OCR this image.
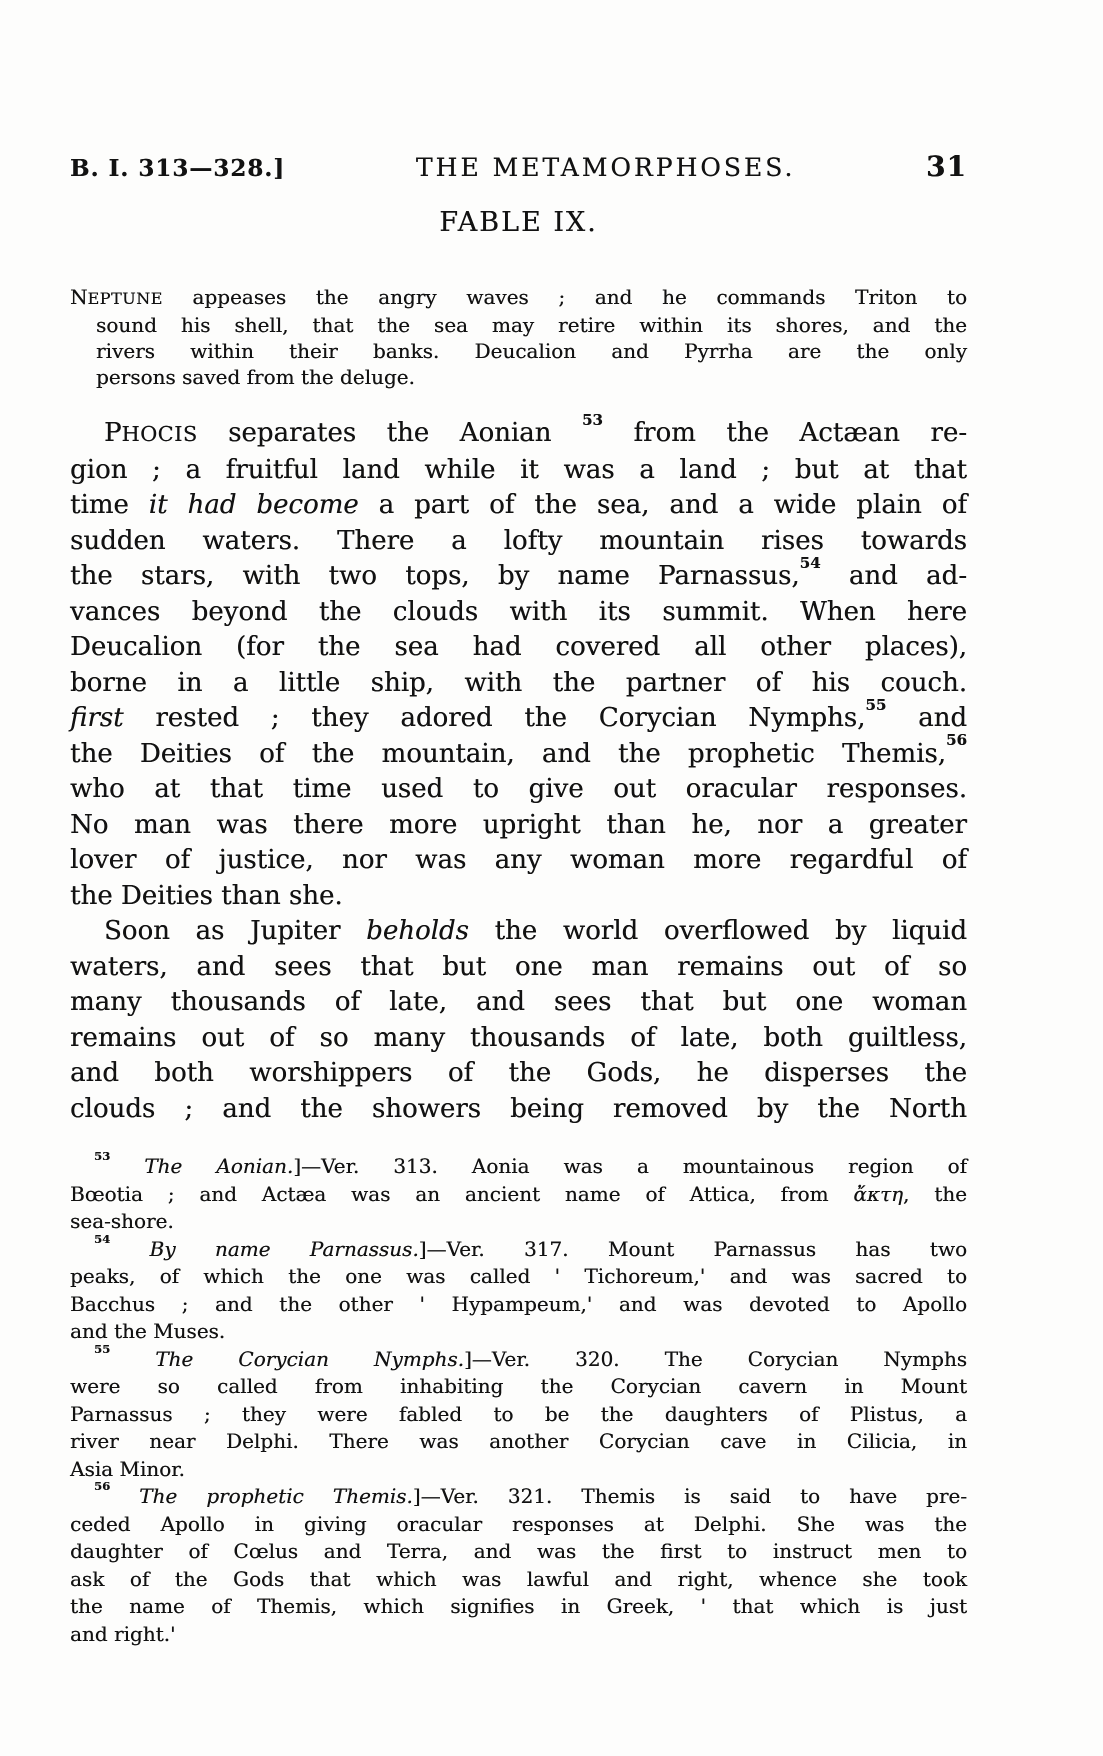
B. I. 313—328.]	THE METAMORPHOSES.	31
FABLE IX.
NEPTUNE appeases the angry waves ; and he commands Triton to
sound his shell, that the sea may retire within its shores, and the
rivers within their banks. Deucalion and Pyrrha are the only
persons saved from the deluge.
PHOCIS separates the Aonian $^{53}$ from the Actæan re-
gion ; a fruitful land while it was a land ; but at that
time it had become a part of the sea, and a wide plain of
sudden waters. There a lofty mountain rises towards
the stars, with two tops, by name Parnassus,$^{54}$ and ad-
vances beyond the clouds with its summit. When here
Deucalion (for the sea had covered all other places),
borne in a little ship, with the partner of his couch.
first rested ; they adored the Corycian Nymphs,$^{55}$ and
the Deities of the mountain, and the prophetic Themis,$^{56}$
who at that time used to give out oracular responses.
No man was there more upright than he, nor a greater
lover of justice, nor was any woman more regardful of
the Deities than she.
Soon as Jupiter beholds the world overflowed by liquid
waters, and sees that but one man remains out of so
many thousands of late, and sees that but one woman
remains out of so many thousands of late, both guiltless,
and both worshippers of the Gods, he disperses the
clouds ; and the showers being removed by the North
$^{53}$ The Aonian.]—Ver. 313. Aonia was a mountainous region of
Bœotia ; and Actæa was an ancient name of Attica, from ἄκτη, the
sea-shore.
$^{54}$ By name Parnassus.]—Ver. 317. Mount Parnassus has two
peaks, of which the one was called ' Tichoreum,' and was sacred to
Bacchus ; and the other ' Hypampeum,' and was devoted to Apollo
and the Muses.
$^{55}$ The Corycian Nymphs.]—Ver. 320. The Corycian Nymphs
were so called from inhabiting the Corycian cavern in Mount
Parnassus ; they were fabled to be the daughters of Plistus, a
river near Delphi. There was another Corycian cave in Cilicia, in
Asia Minor.
$^{56}$ The prophetic Themis.]—Ver. 321. Themis is said to have pre-
ceded Apollo in giving oracular responses at Delphi. She was the
daughter of Cœlus and Terra, and was the first to instruct men to
ask of the Gods that which was lawful and right, whence she took
the name of Themis, which signifies in Greek, ' that which is just
and right.'
